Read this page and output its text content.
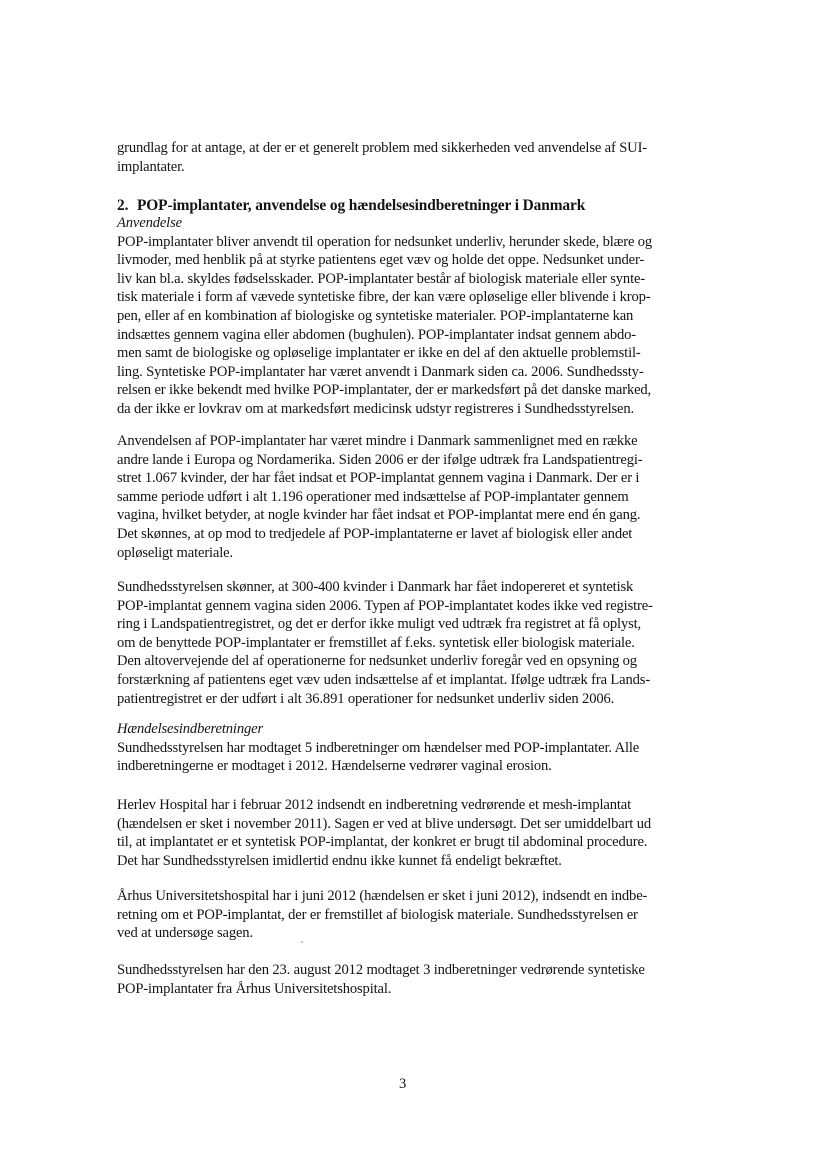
grundlag for at antage, at der er et generelt problem med sikkerheden ved anvendelse af SUI-
implantater.
2. POP-implantater, anvendelse og hændelsesindberetninger i Danmark
Anvendelse
POP-implantater bliver anvendt til operation for nedsunket underliv, herunder skede, blære og
livmoder, med henblik på at styrke patientens eget væv og holde det oppe. Nedsunket under-
liv kan bl.a. skyldes fødselsskader. POP-implantater består af biologisk materiale eller synte-
tisk materiale i form af vævede syntetiske fibre, der kan være opløselige eller blivende i krop-
pen, eller af en kombination af biologiske og syntetiske materialer. POP-implantaterne kan
indsættes gennem vagina eller abdomen (bughulen). POP-implantater indsat gennem abdo-
men samt de biologiske og opløselige implantater er ikke en del af den aktuelle problemstil-
ling. Syntetiske POP-implantater har været anvendt i Danmark siden ca. 2006. Sundhedssty-
relsen er ikke bekendt med hvilke POP-implantater, der er markedsført på det danske marked,
da der ikke er lovkrav om at markedsført medicinsk udstyr registreres i Sundhedsstyrelsen.
Anvendelsen af POP-implantater har været mindre i Danmark sammenlignet med en række
andre lande i Europa og Nordamerika. Siden 2006 er der ifølge udtræk fra Landspatientregi-
stret 1.067 kvinder, der har fået indsat et POP-implantat gennem vagina i Danmark. Der er i
samme periode udført i alt 1.196 operationer med indsættelse af POP-implantater gennem
vagina, hvilket betyder, at nogle kvinder har fået indsat et POP-implantat mere end én gang.
Det skønnes, at op mod to tredjedele af POP-implantaterne er lavet af biologisk eller andet
opløseligt materiale.
Sundhedsstyrelsen skønner, at 300-400 kvinder i Danmark har fået indopereret et syntetisk
POP-implantat gennem vagina siden 2006. Typen af POP-implantatet kodes ikke ved registre-
ring i Landspatientregistret, og det er derfor ikke muligt ved udtræk fra registret at få oplyst,
om de benyttede POP-implantater er fremstillet af f.eks. syntetisk eller biologisk materiale.
Den altovervejende del af operationerne for nedsunket underliv foregår ved en opsyning og
forstærkning af patientens eget væv uden indsættelse af et implantat. Ifølge udtræk fra Lands-
patientregistret er der udført i alt 36.891 operationer for nedsunket underliv siden 2006.
Hændelsesindberetninger
Sundhedsstyrelsen har modtaget 5 indberetninger om hændelser med POP-implantater. Alle
indberetningerne er modtaget i 2012. Hændelserne vedrører vaginal erosion.
Herlev Hospital har i februar 2012 indsendt en indberetning vedrørende et mesh-implantat
(hændelsen er sket i november 2011). Sagen er ved at blive undersøgt. Det ser umiddelbart ud
til, at implantatet er et syntetisk POP-implantat, der konkret er brugt til abdominal procedure.
Det har Sundhedsstyrelsen imidlertid endnu ikke kunnet få endeligt bekræftet.
Århus Universitetshospital har i juni 2012 (hændelsen er sket i juni 2012), indsendt en indbe-
retning om et POP-implantat, der er fremstillet af biologisk materiale. Sundhedsstyrelsen er
ved at undersøge sagen.
Sundhedsstyrelsen har den 23. august 2012 modtaget 3 indberetninger vedrørende syntetiske
POP-implantater fra Århus Universitetshospital.
3
